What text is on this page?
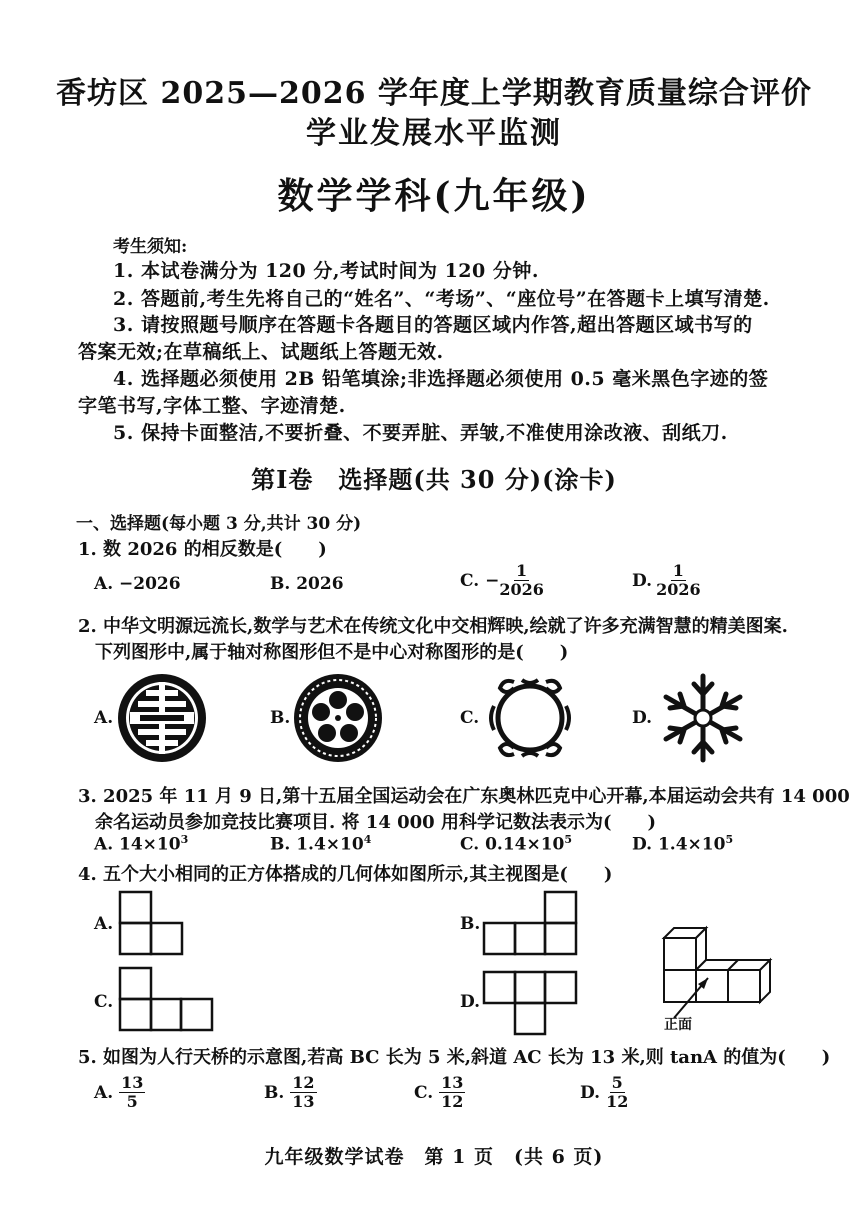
香坊区 2025—2026 学年度上学期教育质量综合评价
学业发展水平监测
数学学科(九年级)
考生须知:
1. 本试卷满分为 120 分,考试时间为 120 分钟.
2. 答题前,考生先将自己的“姓名”、“考场”、“座位号”在答题卡上填写清楚.
3. 请按照题号顺序在答题卡各题目的答题区域内作答,超出答题区域书写的
答案无效;在草稿纸上、试题纸上答题无效.
4. 选择题必须使用 2B 铅笔填涂;非选择题必须使用 0.5 毫米黑色字迹的签
字笔书写,字体工整、字迹清楚.
5. 保持卡面整洁,不要折叠、不要弄脏、弄皱,不准使用涂改液、刮纸刀.
第Ⅰ卷　选择题(共 30 分)(涂卡)
一、选择题(每小题 3 分,共计 30 分)
1. 数 2026 的相反数是(　　)
A. −2026	B. 2026	C. − $\frac{1}{2026}$	D. $\frac{1}{2026}$
2. 中华文明源远流长,数学与艺术在传统文化中交相辉映,绘就了许多充满智慧的精美图案.
下列图形中,属于轴对称图形但不是中心对称图形的是(　　)
A.	B.	C.	D.
3. 2025 年 11 月 9 日,第十五届全国运动会在广东奥林匹克中心开幕,本届运动会共有 14 000
余名运动员参加竞技比赛项目. 将 14 000 用科学记数法表示为(　　)
A. $14\times 10^3$	B. $1.4\times 10^4$	C. $0.14\times 10^5$	D. $1.4\times 10^5$
4. 五个大小相同的正方体搭成的几何体如图所示,其主视图是(　　)
A.	B.
C.	D.
正面
5. 如图为人行天桥的示意图,若高 BC 长为 5 米,斜道 AC 长为 13 米,则 tanA 的值为(　　)
A. $\frac{13}{5}$	B. $\frac{12}{13}$	C. $\frac{13}{12}$	D. $\frac{5}{12}$
九年级数学试卷　第 1 页　(共 6 页)
